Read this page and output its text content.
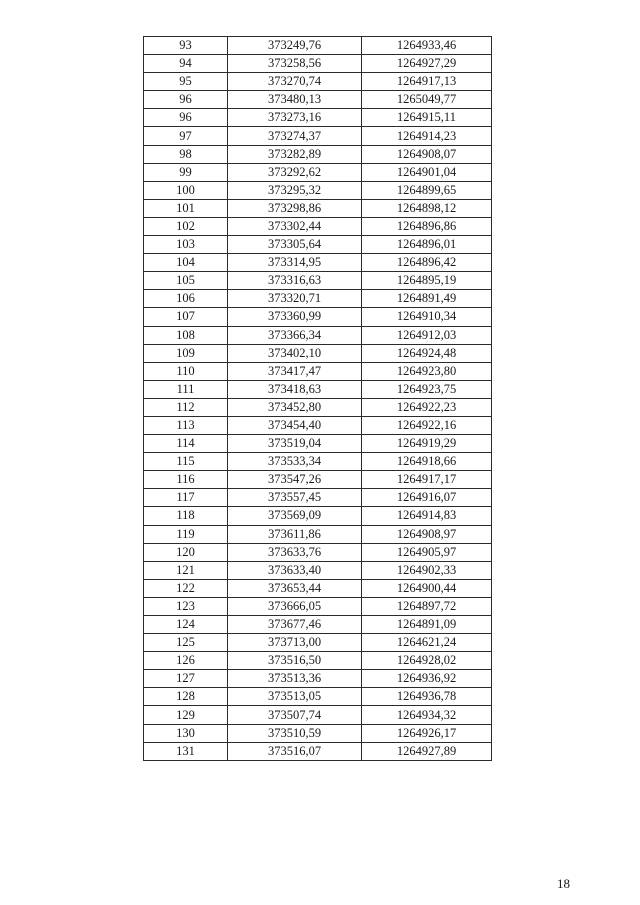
93	373249,76	1264933,46
94	373258,56	1264927,29
95	373270,74	1264917,13
96	373480,13	1265049,77
96	373273,16	1264915,11
97	373274,37	1264914,23
98	373282,89	1264908,07
99	373292,62	1264901,04
100	373295,32	1264899,65
101	373298,86	1264898,12
102	373302,44	1264896,86
103	373305,64	1264896,01
104	373314,95	1264896,42
105	373316,63	1264895,19
106	373320,71	1264891,49
107	373360,99	1264910,34
108	373366,34	1264912,03
109	373402,10	1264924,48
110	373417,47	1264923,80
111	373418,63	1264923,75
112	373452,80	1264922,23
113	373454,40	1264922,16
114	373519,04	1264919,29
115	373533,34	1264918,66
116	373547,26	1264917,17
117	373557,45	1264916,07
118	373569,09	1264914,83
119	373611,86	1264908,97
120	373633,76	1264905,97
121	373633,40	1264902,33
122	373653,44	1264900,44
123	373666,05	1264897,72
124	373677,46	1264891,09
125	373713,00	1264621,24
126	373516,50	1264928,02
127	373513,36	1264936,92
128	373513,05	1264936,78
129	373507,74	1264934,32
130	373510,59	1264926,17
131	373516,07	1264927,89
18
